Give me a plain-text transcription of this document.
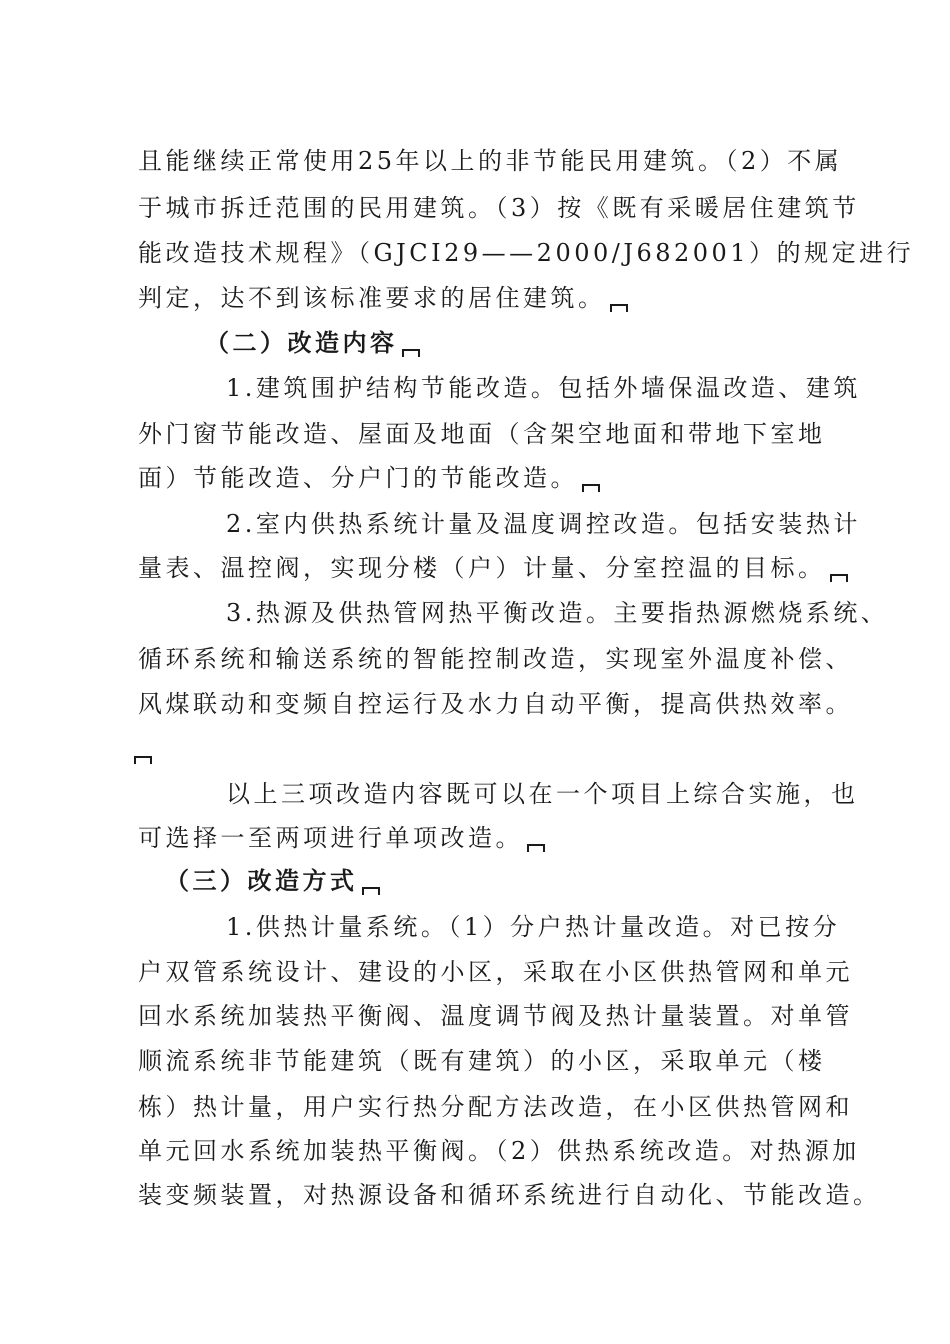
且能继续正常使用25年以上的非节能民用建筑。（2）不属

于城市拆迁范围的民用建筑。（3）按《既有采暖居住建筑节

能改造技术规程》（GJCI29——2000/J682001）的规定进行

判定，达不到该标准要求的居住建筑。

（二）改造内容

1.建筑围护结构节能改造。包括外墙保温改造、建筑

外门窗节能改造、屋面及地面（含架空地面和带地下室地

面）节能改造、分户门的节能改造。

2.室内供热系统计量及温度调控改造。包括安装热计

量表、温控阀，实现分楼（户）计量、分室控温的目标。

3.热源及供热管网热平衡改造。主要指热源燃烧系统、

循环系统和输送系统的智能控制改造，实现室外温度补偿、

风煤联动和变频自控运行及水力自动平衡，提高供热效率。

以上三项改造内容既可以在一个项目上综合实施，也

可选择一至两项进行单项改造。

（三）改造方式

1.供热计量系统。（1）分户热计量改造。对已按分

户双管系统设计、建设的小区，采取在小区供热管网和单元

回水系统加装热平衡阀、温度调节阀及热计量装置。对单管

顺流系统非节能建筑（既有建筑）的小区，采取单元（楼

栋）热计量，用户实行热分配方法改造，在小区供热管网和

单元回水系统加装热平衡阀。（2）供热系统改造。对热源加

装变频装置，对热源设备和循环系统进行自动化、节能改造。
